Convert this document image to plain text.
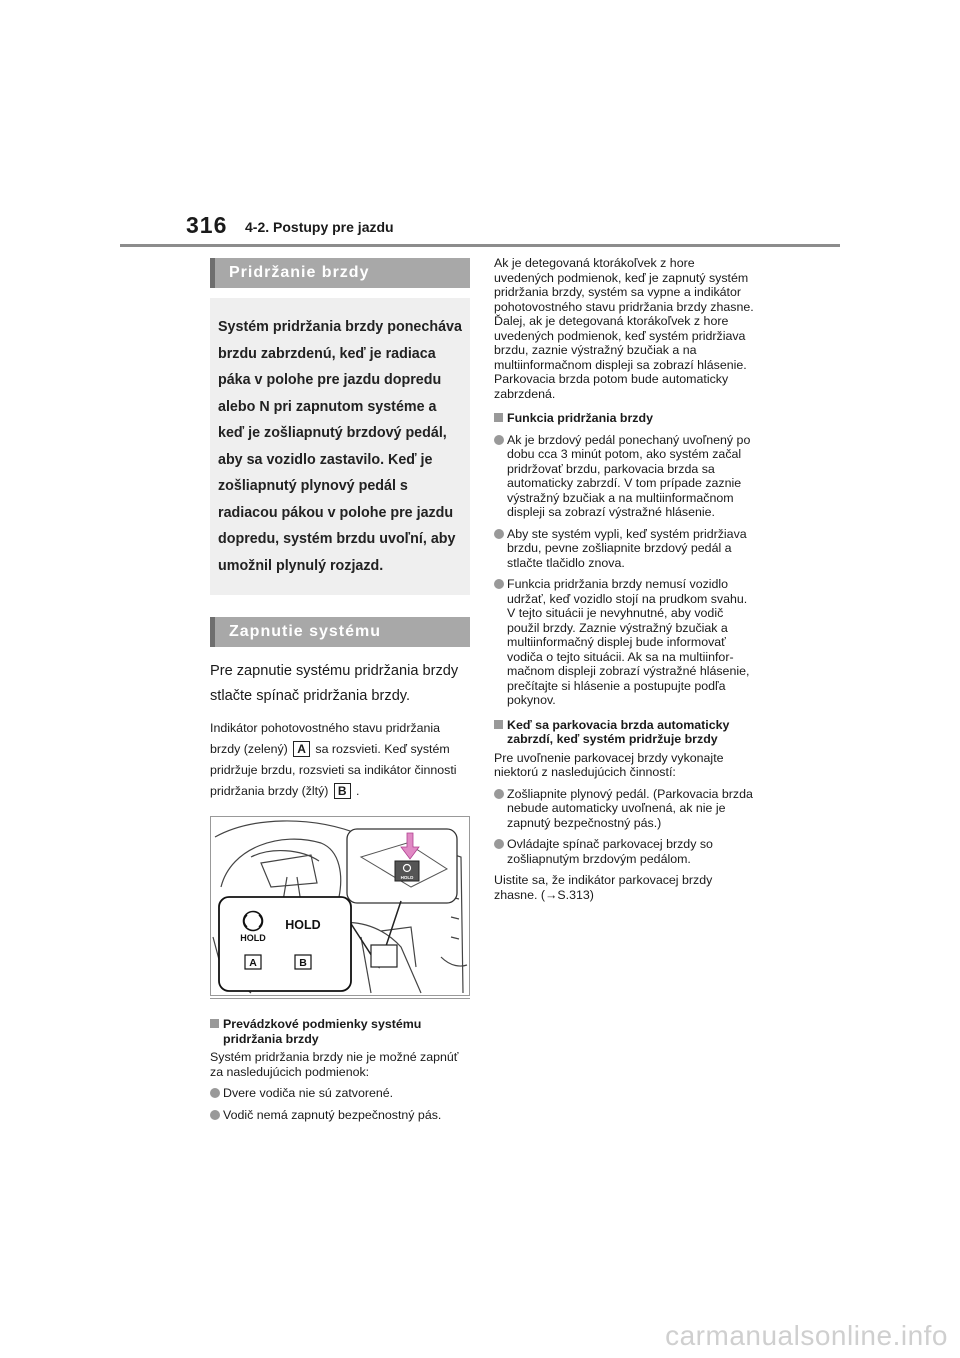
316 4-2. Postupy pre jazdu
Pridržanie brzdy
Systém pridržania brzdy ponecháva brzdu zabrzdenú, keď je radiaca páka v polohe pre jazdu dopredu alebo N pri zapnutom systéme a keď je zošliapnutý brzdový pedál, aby sa vozidlo zastavilo. Keď je zošliapnutý plynový pedál s radiacou pákou v polohe pre jazdu dopredu, systém brzdu uvoľní, aby umožnil plynulý rozjazd.
Zapnutie systému

Pre zapnutie systému pridržania brzdy stlačte spínač pridržania brzdy.

Indikátor pohotovostného stavu pridržania brzdy (zelený) A sa rozsvieti. Keď systém pridržuje brzdu, rozsvieti sa indikátor činnosti pridržania brzdy (žltý) B .

HOLD
HOLD
HOLD
A	B
Prevádzkové podmienky systému pridržania brzdy

Systém pridržania brzdy nie je možné zapnúť za nasledujúcich podmienok:

Dvere vodiča nie sú zatvorené.
Vodič nemá zapnutý bezpečnostný pás.

Ak je detegovaná ktorákoľvek z hore uvedených podmienok, keď je zapnutý systém pridržania brzdy, systém sa vypne a indikátor pohotovostného stavu pridržania brzdy zhasne. Ďalej, ak je detegovaná ktorákoľvek z hore uvedených podmienok, keď systém pridržiava brzdu, zaznie výstražný bzučiak a na multiinformačnom displeji sa zobrazí hlásenie. Parkovacia brzda potom bude automaticky zabrzdená.

Funkcia pridržania brzdy
Ak je brzdový pedál ponechaný uvoľnený po dobu cca 3 minút potom, ako systém začal pridržovať brzdu, parkovacia brzda sa automaticky zabrzdí. V tom prípade zaznie výstražný bzučiak a na multiinformačnom displeji sa zobrazí výstražné hlásenie.
Aby ste systém vypli, keď systém pridržiava brzdu, pevne zošliapnite brzdový pedál a stlačte tlačidlo znova.
Funkcia pridržania brzdy nemusí vozidlo udržať, keď vozidlo stojí na prudkom svahu. V tejto situácii je nevyhnutné, aby vodič použil brzdy. Zaznie výstražný bzučiak a multiinformačný displej bude informovať vodiča o tejto situácii. Ak sa na multiinformačnom displeji zobrazí výstražné hlásenie, prečítajte si hlásenie a postupujte podľa pokynov.
Keď sa parkovacia brzda automaticky zabrzdí, keď systém pridržuje brzdy

Pre uvoľnenie parkovacej brzdy vykonajte niektorú z nasledujúcich činností:

Zošliapnite plynový pedál. (Parkovacia brzda nebude automaticky uvoľnená, ak nie je zapnutý bezpečnostný pás.)
Ovládajte spínač parkovacej brzdy so zošliapnutým brzdovým pedálom.

Uistite sa, že indikátor parkovacej brzdy zhasne. (→S.313)

carmanualsonline.info
